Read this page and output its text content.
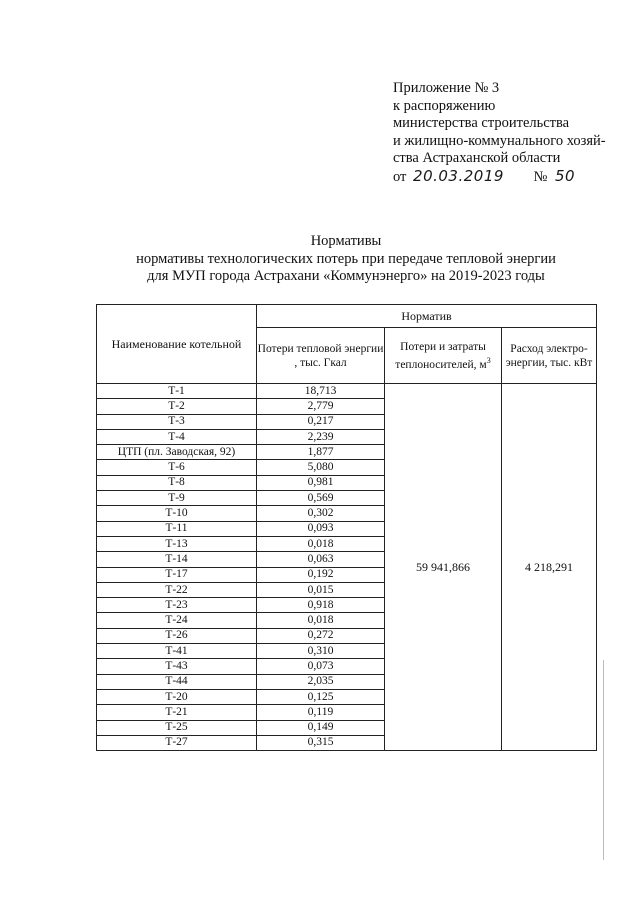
Приложение № 3
к распоряжению
министерства строительства
и жилищно-коммунального хозяй-
ства Астраханской области
от 20.03.2019 № 50
Нормативы
нормативы технологических потерь при передаче тепловой энергии
для МУП города Астрахани «Коммунэнерго» на 2019-2023 годы
Наименование котельной	Норматив		
	Потери тепловой энергии , тыс. Гкал	Потери и затраты теплоносителей, $м^3$	Расход электро-энергии, тыс. кВт
Т-1	18,713	59 941,866	4 218,291
Т-2	2,779		
Т-3	0,217		
Т-4	2,239		
ЦТП (пл. Заводская, 92)	1,877		
Т-6	5,080		
Т-8	0,981		
Т-9	0,569		
Т-10	0,302		
Т-11	0,093		
Т-13	0,018		
Т-14	0,063		
Т-17	0,192		
Т-22	0,015		
Т-23	0,918		
Т-24	0,018		
Т-26	0,272		
Т-41	0,310		
Т-43	0,073		
Т-44	2,035		
Т-20	0,125		
Т-21	0,119		
Т-25	0,149		
Т-27	0,315		
